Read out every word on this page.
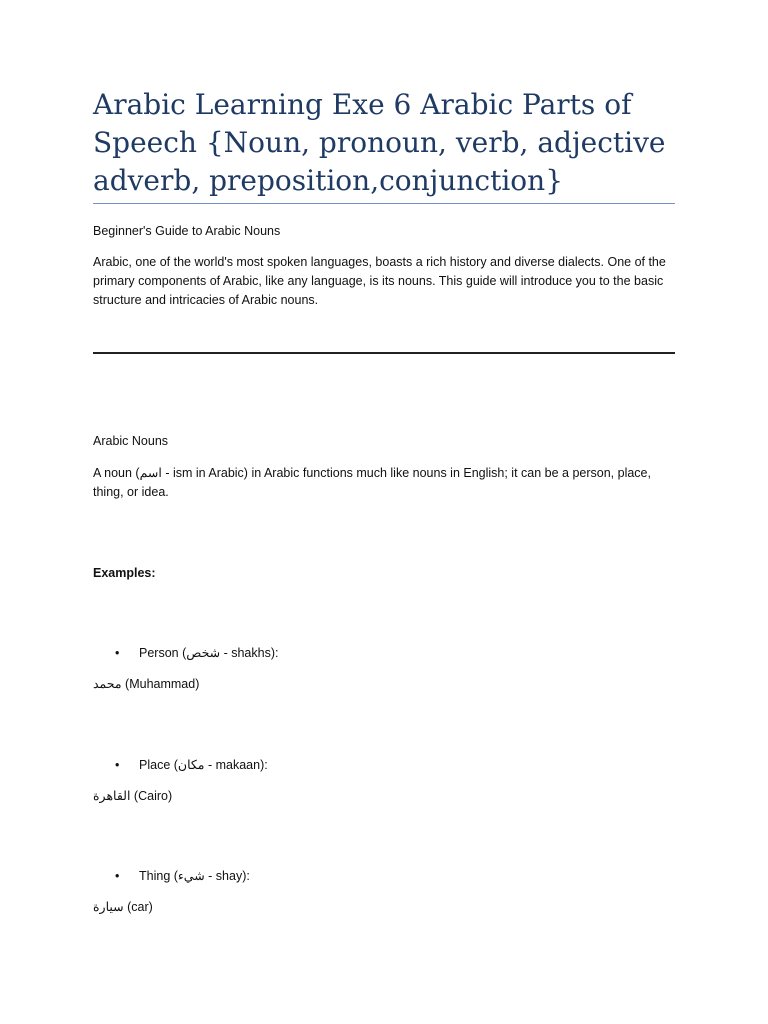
Arabic Learning Exe 6 Arabic Parts of Speech {Noun, pronoun, verb, adjective adverb, preposition,conjunction}

Beginner's Guide to Arabic Nouns

Arabic, one of the world's most spoken languages, boasts a rich history and diverse dialects. One of the primary components of Arabic, like any language, is its nouns. This guide will introduce you to the basic structure and intricacies of Arabic nouns.

Arabic Nouns

A noun (اسم - ism in Arabic) in Arabic functions much like nouns in English; it can be a person, place, thing, or idea.

Examples:

• Person (شخص - shakhs):
محمد (Muhammad)
• Place (مكان - makaan):
القاهرة (Cairo)
• Thing (شيء - shay):
سيارة (car)
